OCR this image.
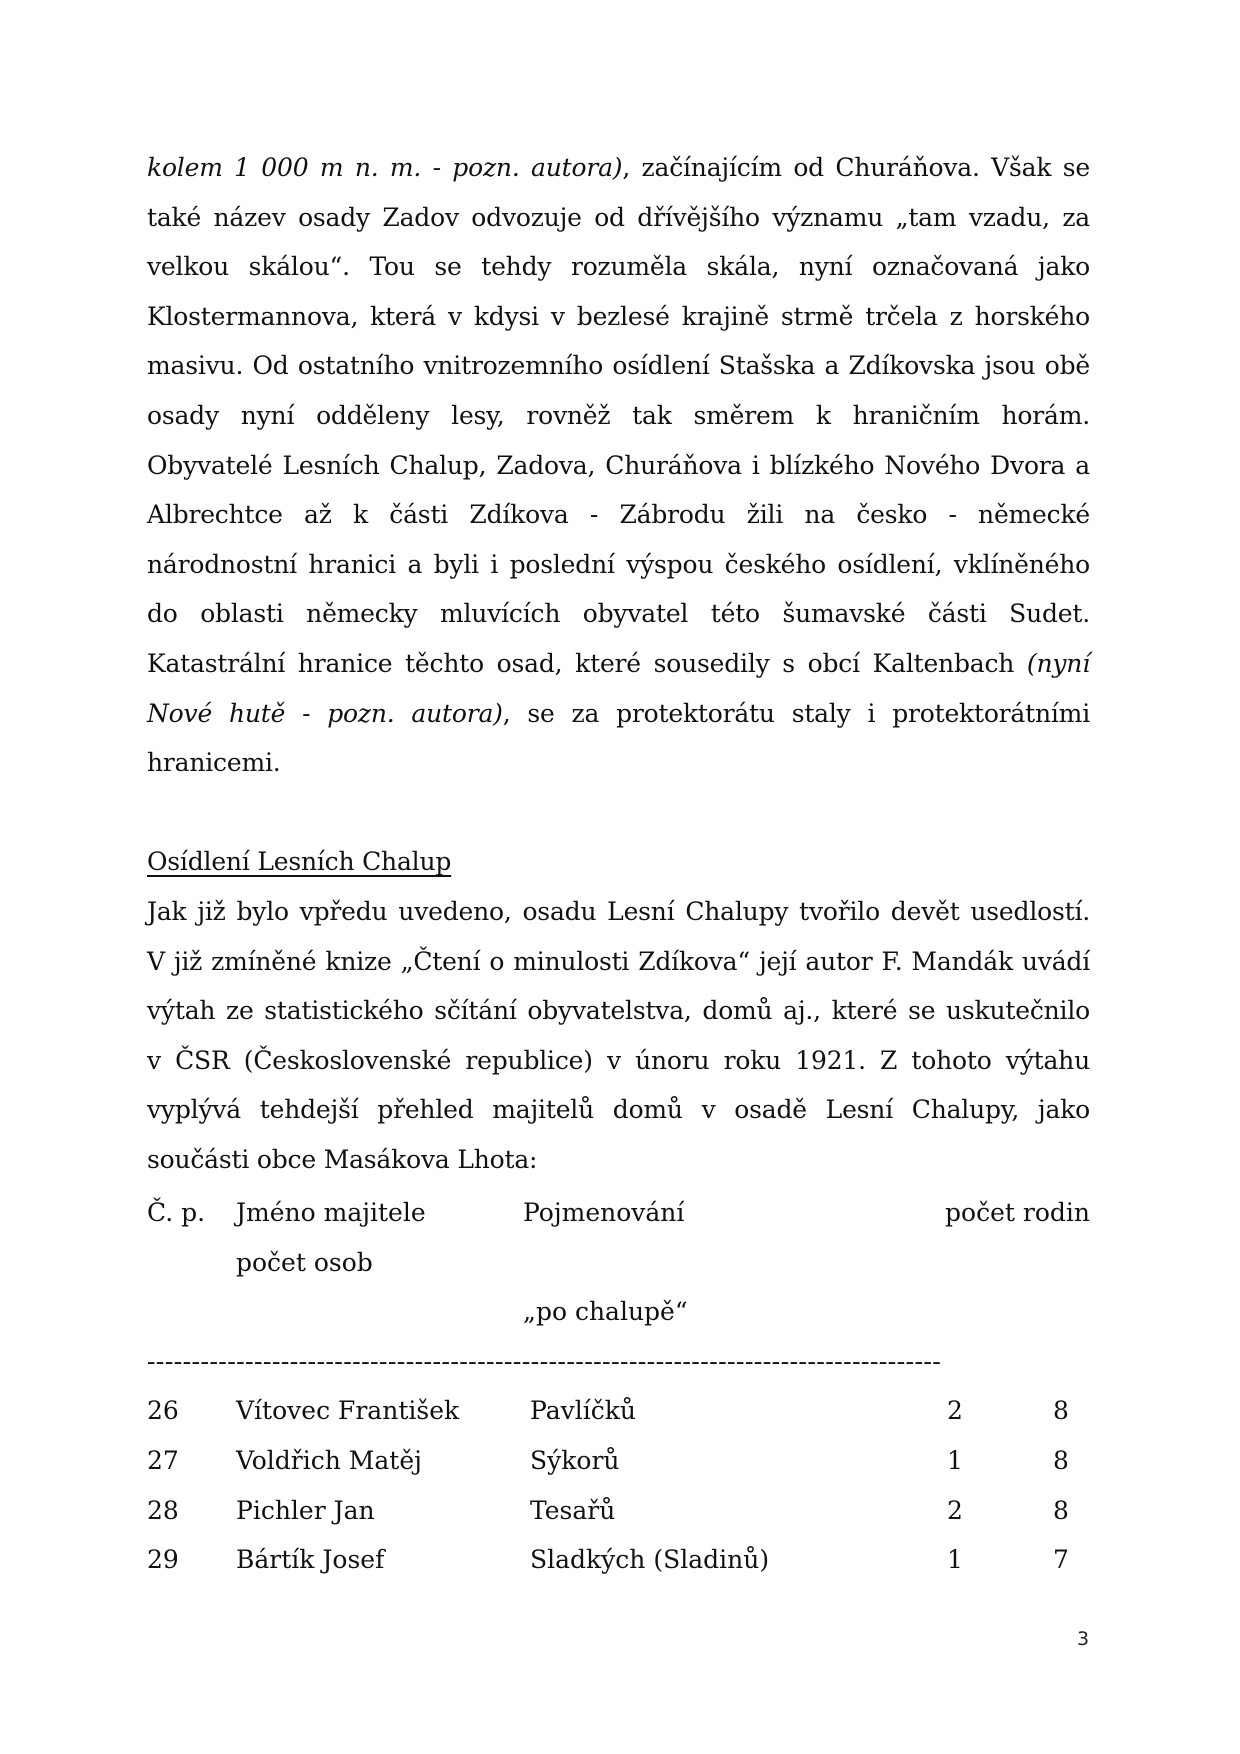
kolem 1 000 m n. m. - pozn. autora), začínajícím od Churáňova. Však se
také název osady Zadov odvozuje od dřívějšího významu „tam vzadu, za
velkou skálou“. Tou se tehdy rozuměla skála, nyní označovaná jako
Klostermannova, která v kdysi v bezlesé krajině strmě trčela z horského
masivu. Od ostatního vnitrozemního osídlení Stašska a Zdíkovska jsou obě
osady nyní odděleny lesy, rovněž tak směrem k hraničním horám.
Obyvatelé Lesních Chalup, Zadova, Churáňova i blízkého Nového Dvora a
Albrechtce až k části Zdíkova - Zábrodu žili na česko - německé
národnostní hranici a byli i poslední výspou českého osídlení, vklíněného
do oblasti německy mluvících obyvatel této šumavské části Sudet.
Katastrální hranice těchto osad, které sousedily s obcí Kaltenbach (nyní
Nové hutě - pozn. autora), se za protektorátu staly i protektorátními
hranicemi.
Osídlení Lesních Chalup
Jak již bylo vpředu uvedeno, osadu Lesní Chalupy tvořilo devět usedlostí.
V již zmíněné knize „Čtení o minulosti Zdíkova“ její autor F. Mandák uvádí
výtah ze statistického sčítání obyvatelstva, domů aj., které se uskutečnilo
v ČSR (Československé republice) v únoru roku 1921. Z tohoto výtahu
vyplývá tehdejší přehled majitelů domů v osadě Lesní Chalupy, jako
součásti obce Masákova Lhota:
Č. p. Jméno majitele	Pojmenování	počet rodin
počet osob
„po chalupě“
-----------------------------------------------------------------------------------------
26 Vítovec František	Pavlíčků	2	8
27 Voldřich Matěj	Sýkorů	1	8
28 Pichler Jan	Tesařů	2	8
29 Bártík Josef	Sladkých (Sladinů)	1	7
3
